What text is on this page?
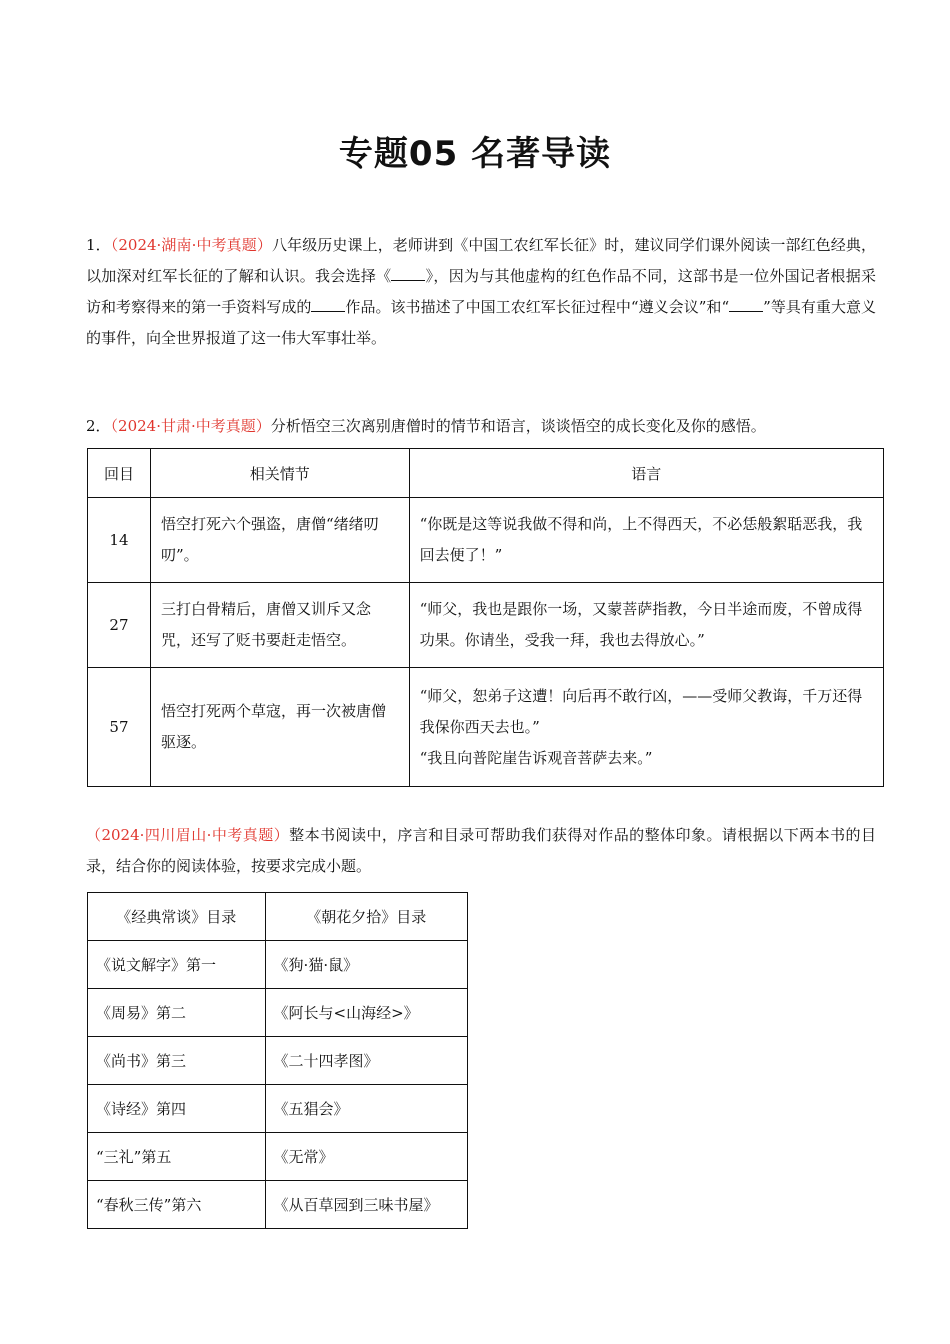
专题05 名著导读
1．（2024·湖南·中考真题）八年级历史课上，老师讲到《中国工农红军长征》时，建议同学们课外阅读一部红色经典，以加深对红军长征的了解和认识。我会选择《 》，因为与其他虚构的红色作品不同，这部书是一位外国记者根据采访和考察得来的第一手资料写成的 作品。该书描述了中国工农红军长征过程中“遵义会议”和“ ”等具有重大意义的事件，向全世界报道了这一伟大军事壮举。
2．（2024·甘肃·中考真题）分析悟空三次离别唐僧时的情节和语言，谈谈悟空的成长变化及你的感悟。
回目	相关情节	语言
14	悟空打死六个强盗，唐僧“绪绪叨叨”。	“你既是这等说我做不得和尚，上不得西天，不必恁般絮聒恶我，我回去便了！”

27	三打白骨精后，唐僧又训斥又念咒，还写了贬书要赶走悟空。	“师父，我也是跟你一场，又蒙菩萨指教，今日半途而废，不曾成得功果。你请坐，受我一拜，我也去得放心。”

57	悟空打死两个草寇，再一次被唐僧驱逐。	“师父，恕弟子这遭！向后再不敢行凶，——受师父教诲，千万还得我保你西天去也。”
“我且向普陀崖告诉观音菩萨去来。”
（2024·四川眉山·中考真题）整本书阅读中，序言和目录可帮助我们获得对作品的整体印象。请根据以下两本书的目录，结合你的阅读体验，按要求完成小题。
《经典常谈》目录	《朝花夕拾》目录
《说文解字》第一	《狗·猫·鼠》
《周易》第二	《阿长与<山海经>》
《尚书》第三	《二十四孝图》
《诗经》第四	《五猖会》
“三礼”第五	《无常》
“春秋三传”第六	《从百草园到三味书屋》
